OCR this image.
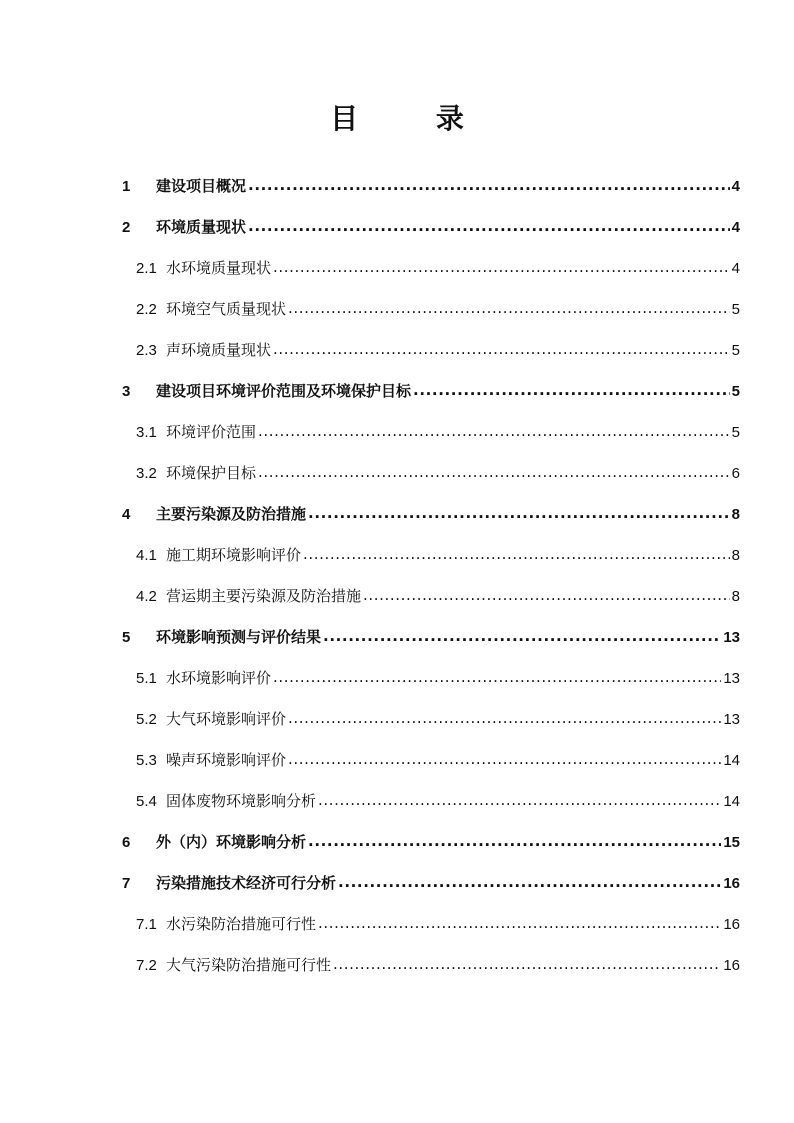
目 录
1	建设项目概况 .....	4
2	环境质量现状 .....	4
2.1 水环境质量现状 .....	4
2.2 环境空气质量现状 .....	5
2.3 声环境质量现状 .....	5
3	建设项目环境评价范围及环境保护目标 .....	5
3.1 环境评价范围 .....	5
3.2 环境保护目标 .....	6
4	主要污染源及防治措施 .....	8
4.1 施工期环境影响评价 .....	8
4.2 营运期主要污染源及防治措施 .....	8
5	环境影响预测与评价结果 .....	13
5.1 水环境影响评价 .....	13
5.2 大气环境影响评价 .....	13
5.3 噪声环境影响评价 .....	14
5.4 固体废物环境影响分析 .....	14
6	外（内）环境影响分析 .....	15
7	污染措施技术经济可行分析 .....	16
7.1 水污染防治措施可行性 .....	16
7.2 大气污染防治措施可行性 .....	16
